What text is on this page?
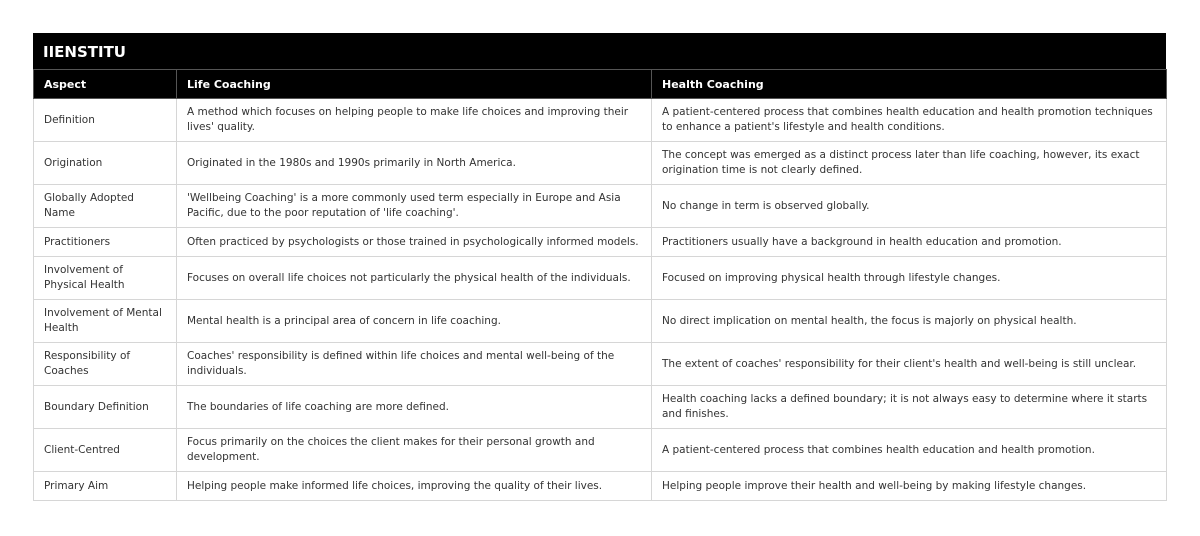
IIENSTITU
Aspect	Life Coaching	Health Coaching
Definition	A method which focuses on helping people to make life choices and improving their lives' quality.	A patient-centered process that combines health education and health promotion techniques to enhance a patient's lifestyle and health conditions.
Origination	Originated in the 1980s and 1990s primarily in North America.	The concept was emerged as a distinct process later than life coaching, however, its exact origination time is not clearly defined.
Globally Adopted Name	'Wellbeing Coaching' is a more commonly used term especially in Europe and Asia Pacific, due to the poor reputation of 'life coaching'.	No change in term is observed globally.
Practitioners	Often practiced by psychologists or those trained in psychologically informed models.	Practitioners usually have a background in health education and promotion.
Involvement of Physical Health	Focuses on overall life choices not particularly the physical health of the individuals.	Focused on improving physical health through lifestyle changes.
Involvement of Mental Health	Mental health is a principal area of concern in life coaching.	No direct implication on mental health, the focus is majorly on physical health.
Responsibility of Coaches	Coaches' responsibility is defined within life choices and mental well-being of the individuals.	The extent of coaches' responsibility for their client's health and well-being is still unclear.
Boundary Definition	The boundaries of life coaching are more defined.	Health coaching lacks a defined boundary; it is not always easy to determine where it starts and finishes.
Client-Centred	Focus primarily on the choices the client makes for their personal growth and development.	A patient-centered process that combines health education and health promotion.
Primary Aim	Helping people make informed life choices, improving the quality of their lives.	Helping people improve their health and well-being by making lifestyle changes.
